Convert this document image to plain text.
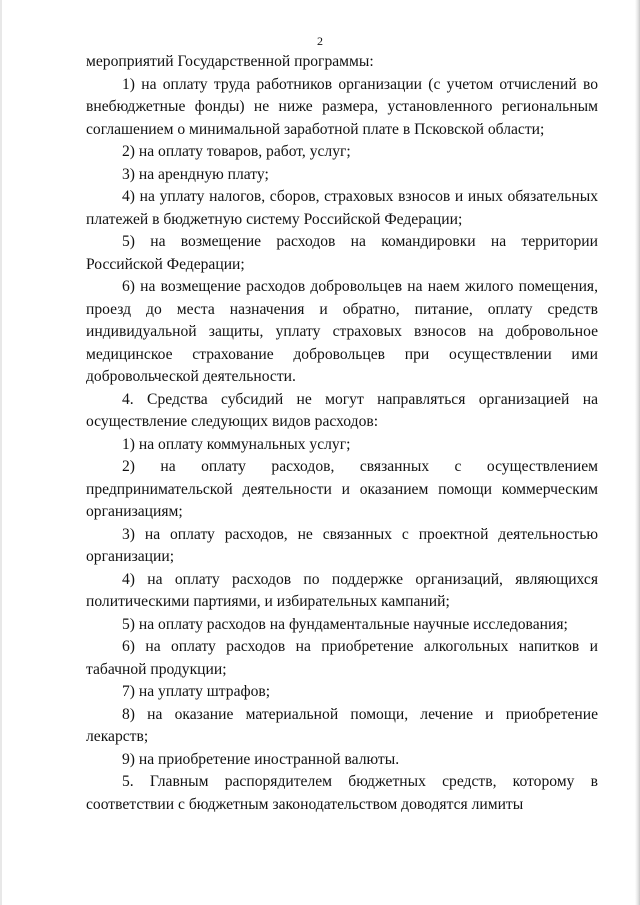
2

мероприятий Государственной программы:

1) на оплату труда работников организации (с учетом отчислений во внебюджетные фонды) не ниже размера, установленного региональным соглашением о минимальной заработной плате в Псковской области;

2) на оплату товаров, работ, услуг;

3) на арендную плату;

4) на уплату налогов, сборов, страховых взносов и иных обязательных платежей в бюджетную систему Российской Федерации;

5) на возмещение расходов на командировки на территории Российской Федерации;

6) на возмещение расходов добровольцев на наем жилого помещения, проезд до места назначения и обратно, питание, оплату средств индивидуальной защиты, уплату страховых взносов на добровольное медицинское страхование добровольцев при осуществлении ими добровольческой деятельности.

4. Средства субсидий не могут направляться организацией на осуществление следующих видов расходов:

1) на оплату коммунальных услуг;

2) на оплату расходов, связанных с осуществлением предпринимательской деятельности и оказанием помощи коммерческим организациям;

3) на оплату расходов, не связанных с проектной деятельностью организации;

4) на оплату расходов по поддержке организаций, являющихся политическими партиями, и избирательных кампаний;

5) на оплату расходов на фундаментальные научные исследования;

6) на оплату расходов на приобретение алкогольных напитков и табачной продукции;

7) на уплату штрафов;

8) на оказание материальной помощи, лечение и приобретение лекарств;

9) на приобретение иностранной валюты.

5. Главным распорядителем бюджетных средств, которому в соответствии с бюджетным законодательством доводятся лимиты
